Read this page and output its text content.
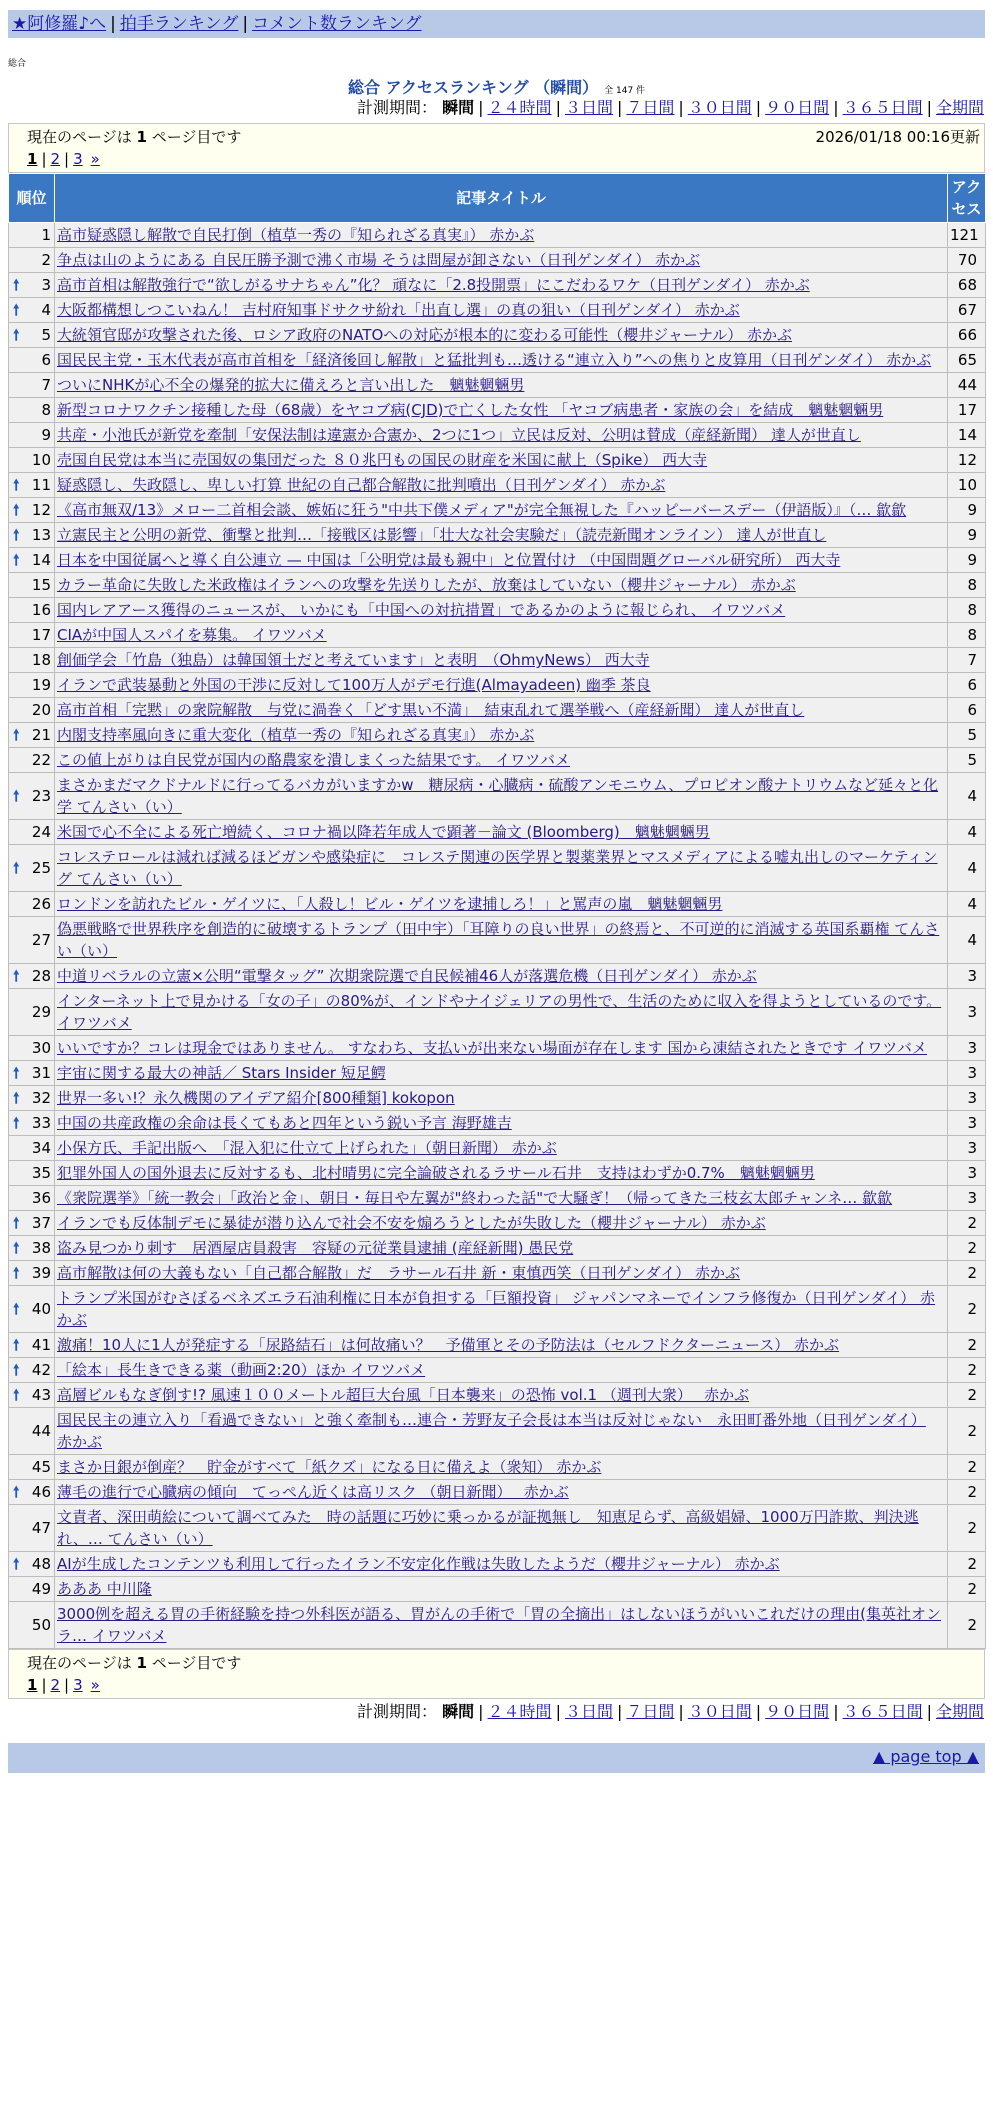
★阿修羅♪へ | 拍手ランキング | コメント数ランキング
総合
総合 アクセスランキング （瞬間） 全 147 件
計測期間： 瞬間 | ２４時間 | ３日間 | ７日間 | ３０日間 | ９０日間 | ３６５日間 | 全期間
現在のページは 1 ページ目です	2026/01/18 00:16更新
1 | 2 | 3 »
順位	記事タイトル	アクセス
1	高市疑惑隠し解散で自民打倒（植草一秀の『知られざる真実』） 赤かぶ	121
2	争点は山のようにある 自民圧勝予測で沸く市場 そうは問屋が卸さない（日刊ゲンダイ） 赤かぶ	70

🠕 3	高市首相は解散強行で“欲しがるサナちゃん”化？ 頑なに「2.8投開票」にこだわるワケ（日刊ゲンダイ） 赤かぶ	68

🠕 4	大阪都構想しつこいねん！ 吉村府知事ドサクサ紛れ「出直し選」の真の狙い（日刊ゲンダイ） 赤かぶ	67

🠕 5	大統領官邸が攻撃された後、ロシア政府のNATOへの対応が根本的に変わる可能性（櫻井ジャーナル） 赤かぶ	66
6	国民民主党・玉木代表が高市首相を「経済後回し解散」と猛批判も…透ける“連立入り”への焦りと皮算用（日刊ゲンダイ） 赤かぶ	65
7	ついにNHKが心不全の爆発的拡大に備えろと言い出した　魑魅魍魎男	44
8	新型コロナワクチン接種した母（68歳）をヤコブ病(CJD)で亡くした女性 「ヤコブ病患者・家族の会」を結成　魑魅魍魎男	17
9	共産・小池氏が新党を牽制「安保法制は違憲か合憲か、2つに1つ」立民は反対、公明は賛成（産経新聞） 達人が世直し	14
10	売国自民党は本当に売国奴の集団だった ８０兆円もの国民の財産を米国に献上（Spike） 西大寺	12

🠕 11	疑惑隠し、失政隠し、卑しい打算 世紀の自己都合解散に批判噴出（日刊ゲンダイ） 赤かぶ	10

🠕 12	《高市無双/13》メロー二首相会談、嫉妬に狂う"中共下僕メディア"が完全無視した『ハッピーバースデー（伊語版）』（… 歙歙	9

🠕 13	立憲民主と公明の新党、衝撃と批判…「接戦区は影響」「壮大な社会実験だ」（読売新聞オンライン） 達人が世直し	9

🠕 14	日本を中国従属へと導く自公連立 — 中国は「公明党は最も親中」と位置付け （中国問題グローバル研究所） 西大寺	9
15	カラー革命に失敗した米政権はイランへの攻撃を先送りしたが、放棄はしていない（櫻井ジャーナル） 赤かぶ	8
16	国内レアアース獲得のニュースが、 いかにも「中国への対抗措置」であるかのように報じられ、 イワツバメ	8
17	CIAが中国人スパイを募集。 イワツバメ	8
18	創価学会「竹島（独島）は韓国領土だと考えています」と表明　（OhmyNews） 西大寺	7
19	イランで武装暴動と外国の干渉に反対して100万人がデモ行進(Almayadeen) 幽季 茶良	6
20	高市首相「完黙」の衆院解散　与党に渦巻く「どす黒い不満」　結束乱れて選挙戦へ（産経新聞） 達人が世直し	6

🠕 21	内閣支持率風向きに重大変化（植草一秀の『知られざる真実』） 赤かぶ	5
22	この値上がりは自民党が国内の酪農家を潰しまくった結果です。 イワツバメ	5

🠕 23	まさかまだマクドナルドに行ってるバカがいますかw　糖尿病・心臓病・硫酸アンモニウム、プロピオン酸ナトリウムなど延々と化学 てんさい（い）	4
24	米国で心不全による死亡増続く、コロナ禍以降若年成人で顕著－論文 (Bloomberg)　魑魅魍魎男	4

🠕 25	コレステロールは減れば減るほどガンや感染症に　コレステ関連の医学界と製薬業界とマスメディアによる嘘丸出しのマーケティング てんさい（い）	4
26	ロンドンを訪れたビル・ゲイツに、「人殺し！ビル・ゲイツを逮捕しろ！」と罵声の嵐　魑魅魍魎男	4
27	偽悪戦略で世界秩序を創造的に破壊するトランプ（田中宇）「耳障りの良い世界」の終焉と、不可逆的に消滅する英国系覇権 てんさい（い）	4

🠕 28	中道リベラルの立憲×公明“電撃タッグ” 次期衆院選で自民候補46人が落選危機（日刊ゲンダイ） 赤かぶ	3
29	インターネット上で見かける「女の子」の80%が、インドやナイジェリアの男性で、生活のために収入を得ようとしているのです。 イワツバメ	3
30	いいですか？コレは現金ではありません。 すなわち、支払いが出来ない場面が存在します 国から凍結されたときです イワツバメ	3

🠕 31	宇宙に関する最大の神話／ Stars Insider 短足鰐	3

🠕 32	世界一多い!？永久機関のアイデア紹介[800種類] kokopon	3

🠕 33	中国の共産政権の余命は長くてもあと四年という鋭い予言 海野雄吉	3
34	小保方氏、手記出版へ　「混入犯に仕立て上げられた」（朝日新聞） 赤かぶ	3
35	犯罪外国人の国外退去に反対するも、北村晴男に完全論破されるラサール石井　支持はわずか0.7%　魑魅魍魎男	3
36	《衆院選挙》「統一教会」「政治と金」、朝日・毎日や左翼が"終わった話"で大騒ぎ！（帰ってきた三枝玄太郎チャンネ… 歙歙	3

🠕 37	イランでも反体制デモに暴徒が潜り込んで社会不安を煽ろうとしたが失敗した（櫻井ジャーナル） 赤かぶ	2

🠕 38	盗み見つかり刺す　居酒屋店員殺害　容疑の元従業員逮捕 (産経新聞) 愚民党	2

🠕 39	高市解散は何の大義もない「自己都合解散」だ　ラサール石井 新・東慎西笑（日刊ゲンダイ） 赤かぶ	2

🠕 40	トランプ米国がむさぼるベネズエラ石油利権に日本が負担する「巨額投資」 ジャパンマネーでインフラ修復か（日刊ゲンダイ） 赤かぶ	2

🠕 41	激痛！10人に1人が発症する「尿路結石」は何故痛い？　予備軍とその予防法は（セルフドクターニュース） 赤かぶ	2

🠕 42	「絵本」長生きできる薬（動画2:20）ほか イワツバメ	2

🠕 43	高層ビルもなぎ倒す!? 風速１００メートル超巨大台風「日本襲来」の恐怖 vol.1 （週刊大衆）　 赤かぶ	2
44	国民民主の連立入り「看過できない」と強く牽制も…連合・芳野友子会長は本当は反対じゃない　永田町番外地（日刊ゲンダイ） 赤かぶ	2
45	まさか日銀が倒産？　貯金がすべて「紙クズ」になる日に備えよ（衆知） 赤かぶ	2

🠕 46	薄毛の進行で心臓病の傾向　てっぺん近くは高リスク （朝日新聞）　 赤かぶ	2
47	文責者、深田萌絵について調べてみた　時の話題に巧妙に乗っかるが証拠無し　知恵足らず、高級娼婦、1000万円詐欺、判決逃れ、… てんさい（い）	2

🠕 48	AIが生成したコンテンツも利用して行ったイラン不安定化作戦は失敗したようだ（櫻井ジャーナル） 赤かぶ	2
49	あああ 中川隆	2
50	3000例を超える胃の手術経験を持つ外科医が語る、胃がんの手術で「胃の全摘出」はしないほうがいいこれだけの理由(集英社オンラ… イワツバメ	2
現在のページは 1 ページ目です
1 | 2 | 3 »
計測期間： 瞬間 | ２４時間 | ３日間 | ７日間 | ３０日間 | ９０日間 | ３６５日間 | 全期間
▲ page top ▲
